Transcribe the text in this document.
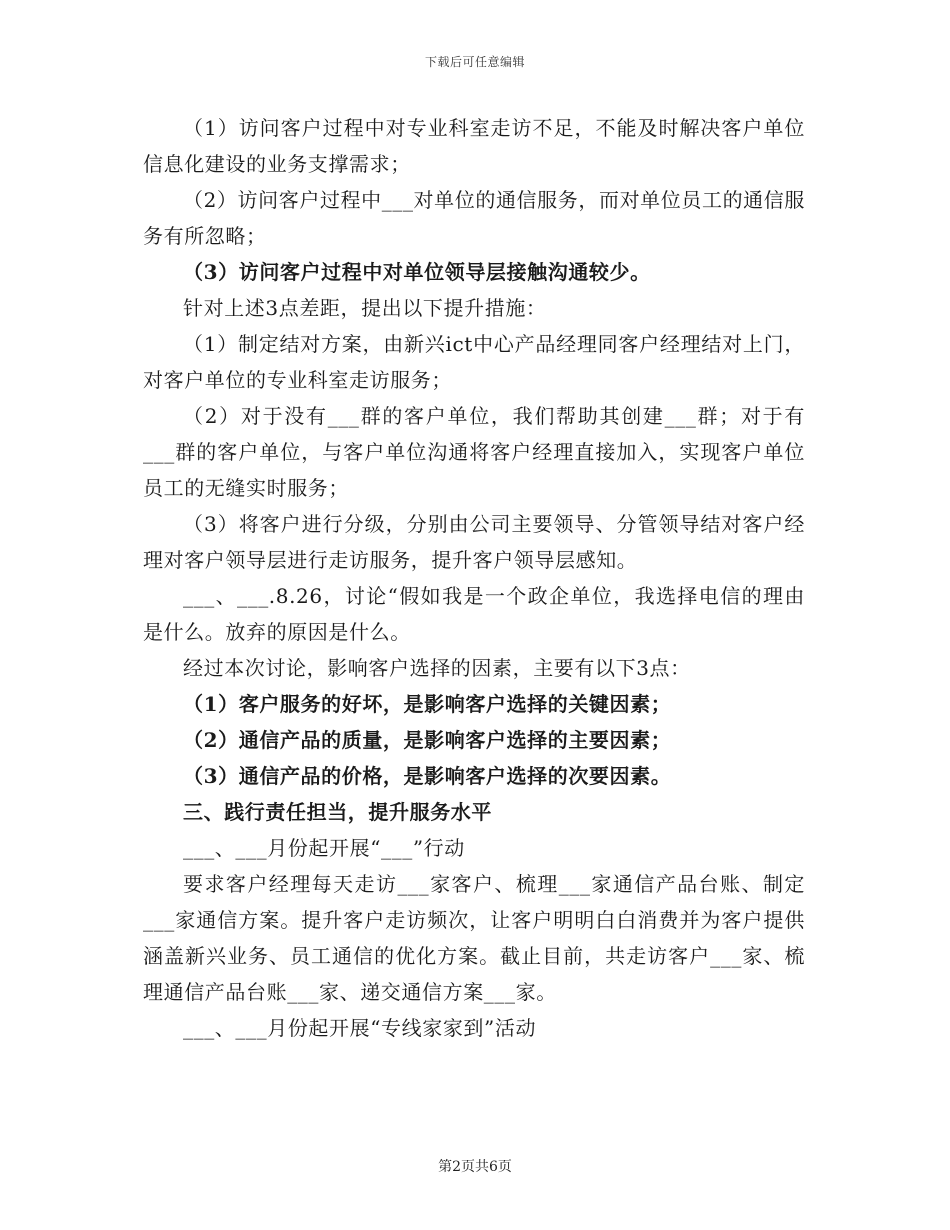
下载后可任意编辑

（1）访问客户过程中对专业科室走访不足，不能及时解决客户单位信息化建设的业务支撑需求；

（2）访问客户过程中___对单位的通信服务，而对单位员工的通信服务有所忽略；

（3）访问客户过程中对单位领导层接触沟通较少。

针对上述3点差距，提出以下提升措施：

（1）制定结对方案，由新兴ict中心产品经理同客户经理结对上门，对客户单位的专业科室走访服务；

（2）对于没有___群的客户单位，我们帮助其创建___群；对于有___群的客户单位，与客户单位沟通将客户经理直接加入，实现客户单位员工的无缝实时服务；

（3）将客户进行分级，分别由公司主要领导、分管领导结对客户经理对客户领导层进行走访服务，提升客户领导层感知。

___、___.8.26，讨论“假如我是一个政企单位，我选择电信的理由是什么。放弃的原因是什么。

经过本次讨论，影响客户选择的因素，主要有以下3点：

（1）客户服务的好坏，是影响客户选择的关键因素；

（2）通信产品的质量，是影响客户选择的主要因素；

（3）通信产品的价格，是影响客户选择的次要因素。

三、践行责任担当，提升服务水平

___、___月份起开展“___”行动

要求客户经理每天走访___家客户、梳理___家通信产品台账、制定___家通信方案。提升客户走访频次，让客户明明白白消费并为客户提供涵盖新兴业务、员工通信的优化方案。截止目前，共走访客户___家、梳理通信产品台账___家、递交通信方案___家。

___、___月份起开展“专线家家到”活动

第2页共6页
